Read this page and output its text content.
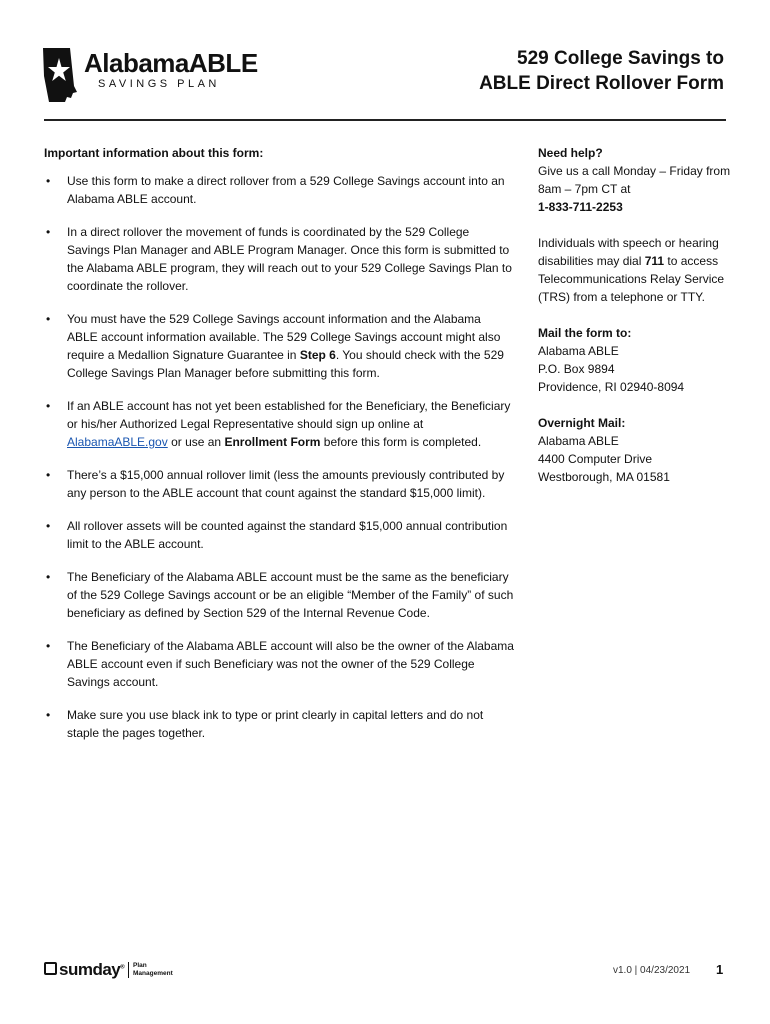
AlabamaABLE
SAVINGS PLAN
529 College Savings to
ABLE Direct Rollover Form
Important information about this form:
• Use this form to make a direct rollover from a 529 College Savings account into an Alabama ABLE account.
• In a direct rollover the movement of funds is coordinated by the 529 College Savings Plan Manager and ABLE Program Manager. Once this form is submitted to the Alabama ABLE program, they will reach out to your 529 College Savings Plan to coordinate the rollover.
• You must have the 529 College Savings account information and the Alabama ABLE account information available. The 529 College Savings account might also require a Medallion Signature Guarantee in Step 6. You should check with the 529 College Savings Plan Manager before submitting this form.
• If an ABLE account has not yet been established for the Beneficiary, the Beneficiary or his/her Authorized Legal Representative should sign up online at AlabamaABLE.gov or use an Enrollment Form before this form is completed.
• There’s a $15,000 annual rollover limit (less the amounts previously contributed by any person to the ABLE account that count against the standard $15,000 limit).
• All rollover assets will be counted against the standard $15,000 annual contribution limit to the ABLE account.
• The Beneficiary of the Alabama ABLE account must be the same as the beneficiary of the 529 College Savings account or be an eligible “Member of the Family” of such beneficiary as defined by Section 529 of the Internal Revenue Code.
• The Beneficiary of the Alabama ABLE account will also be the owner of the Alabama ABLE account even if such Beneficiary was not the owner of the 529 College Savings account.
• Make sure you use black ink to type or print clearly in capital letters and do not staple the pages together.
Need help?
Give us a call Monday – Friday from 8am – 7pm CT at
1-833-711-2253
Individuals with speech or hearing disabilities may dial 711 to access Telecommunications Relay Service (TRS) from a telephone or TTY.
Mail the form to:
Alabama ABLE
P.O. Box 9894
Providence, RI 02940-8094
Overnight Mail:
Alabama ABLE
4400 Computer Drive
Westborough, MA 01581
sumday® Plan
Management	v1.0 | 04/23/2021 1
